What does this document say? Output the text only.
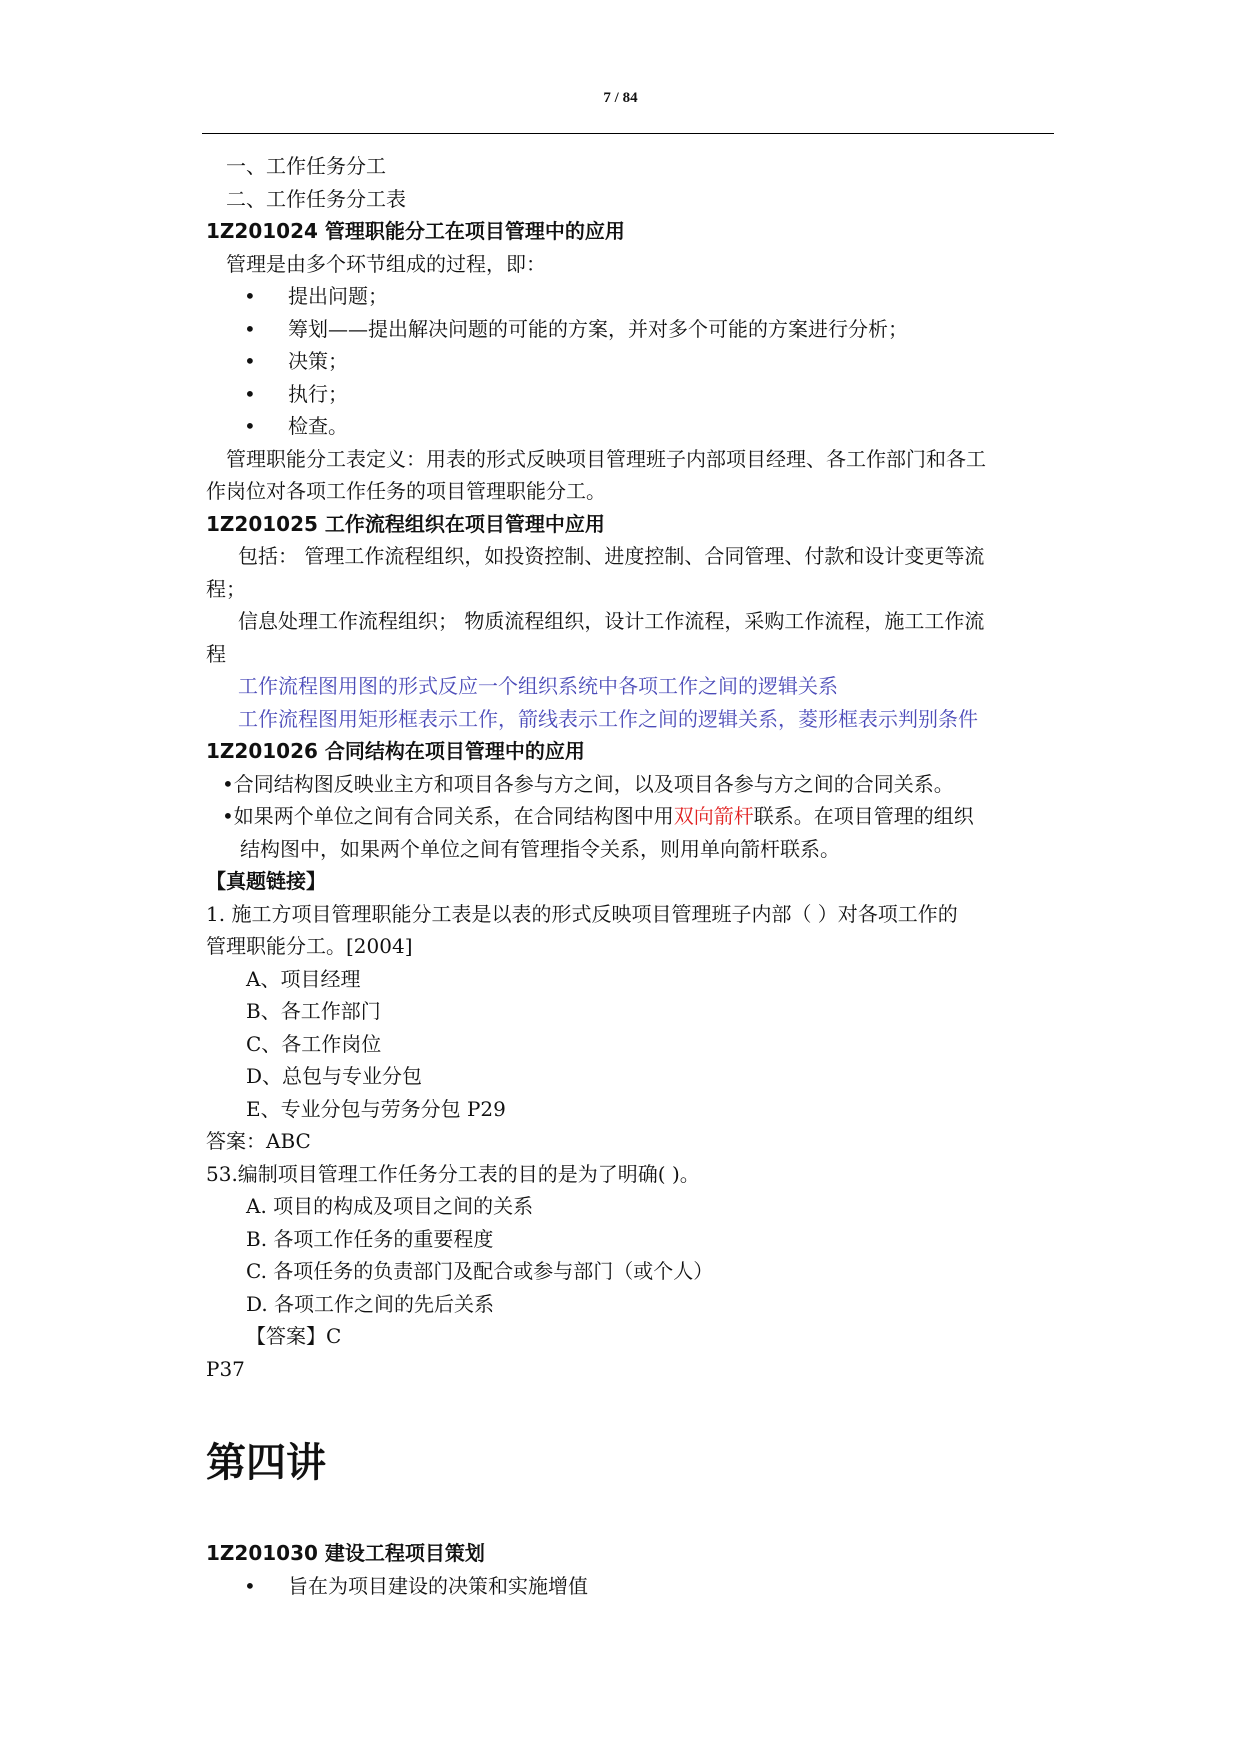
7 / 84
一、工作任务分工
二、工作任务分工表
1Z201024 管理职能分工在项目管理中的应用
管理是由多个环节组成的过程，即：
• 提出问题；
• 筹划——提出解决问题的可能的方案，并对多个可能的方案进行分析；
• 决策；
• 执行；
• 检查。
管理职能分工表定义：用表的形式反映项目管理班子内部项目经理、各工作部门和各工
作岗位对各项工作任务的项目管理职能分工。
1Z201025 工作流程组织在项目管理中应用
包括： 管理工作流程组织，如投资控制、进度控制、合同管理、付款和设计变更等流
程；
信息处理工作流程组织； 物质流程组织，设计工作流程，采购工作流程，施工工作流
程
工作流程图用图的形式反应一个组织系统中各项工作之间的逻辑关系
工作流程图用矩形框表示工作，箭线表示工作之间的逻辑关系，菱形框表示判别条件
1Z201026 合同结构在项目管理中的应用
•合同结构图反映业主方和项目各参与方之间，以及项目各参与方之间的合同关系。
•如果两个单位之间有合同关系，在合同结构图中用双向箭杆联系。在项目管理的组织
结构图中，如果两个单位之间有管理指令关系，则用单向箭杆联系。
【真题链接】
1. 施工方项目管理职能分工表是以表的形式反映项目管理班子内部（ ）对各项工作的
管理职能分工。[2004]
A、项目经理
B、各工作部门
C、各工作岗位
D、总包与专业分包
E、专业分包与劳务分包 P29
答案：ABC
53.编制项目管理工作任务分工表的目的是为了明确( )。
A. 项目的构成及项目之间的关系
B. 各项工作任务的重要程度
C. 各项任务的负责部门及配合或参与部门（或个人）
D. 各项工作之间的先后关系
【答案】C
P37
第四讲
1Z201030 建设工程项目策划
• 旨在为项目建设的决策和实施增值
